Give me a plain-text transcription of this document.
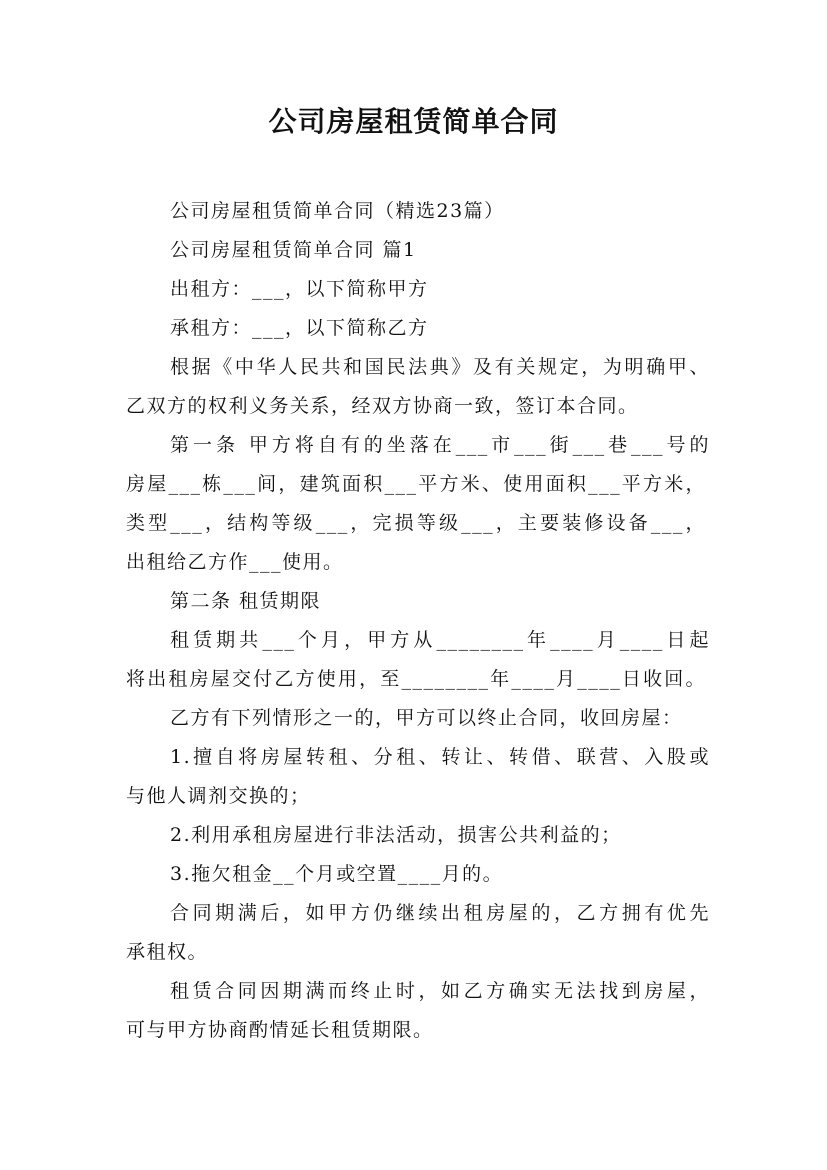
公司房屋租赁简单合同
公司房屋租赁简单合同（精选23篇）
公司房屋租赁简单合同 篇1
出租方：___，以下简称甲方
承租方：___，以下简称乙方
根据《中华人民共和国民法典》及有关规定，为明确甲、
乙双方的权利义务关系，经双方协商一致，签订本合同。
第一条 甲方将自有的坐落在___市___街___巷___号的
房屋___栋___间，建筑面积___平方米、使用面积___平方米，
类型___，结构等级___，完损等级___，主要装修设备___，
出租给乙方作___使用。
第二条 租赁期限
租赁期共___个月，甲方从________年____月____日起
将出租房屋交付乙方使用，至________年____月____日收回。
乙方有下列情形之一的，甲方可以终止合同，收回房屋：
1.擅自将房屋转租、分租、转让、转借、联营、入股或
与他人调剂交换的；
2.利用承租房屋进行非法活动，损害公共利益的；
3.拖欠租金__个月或空置____月的。
合同期满后，如甲方仍继续出租房屋的，乙方拥有优先
承租权。
租赁合同因期满而终止时，如乙方确实无法找到房屋，
可与甲方协商酌情延长租赁期限。
